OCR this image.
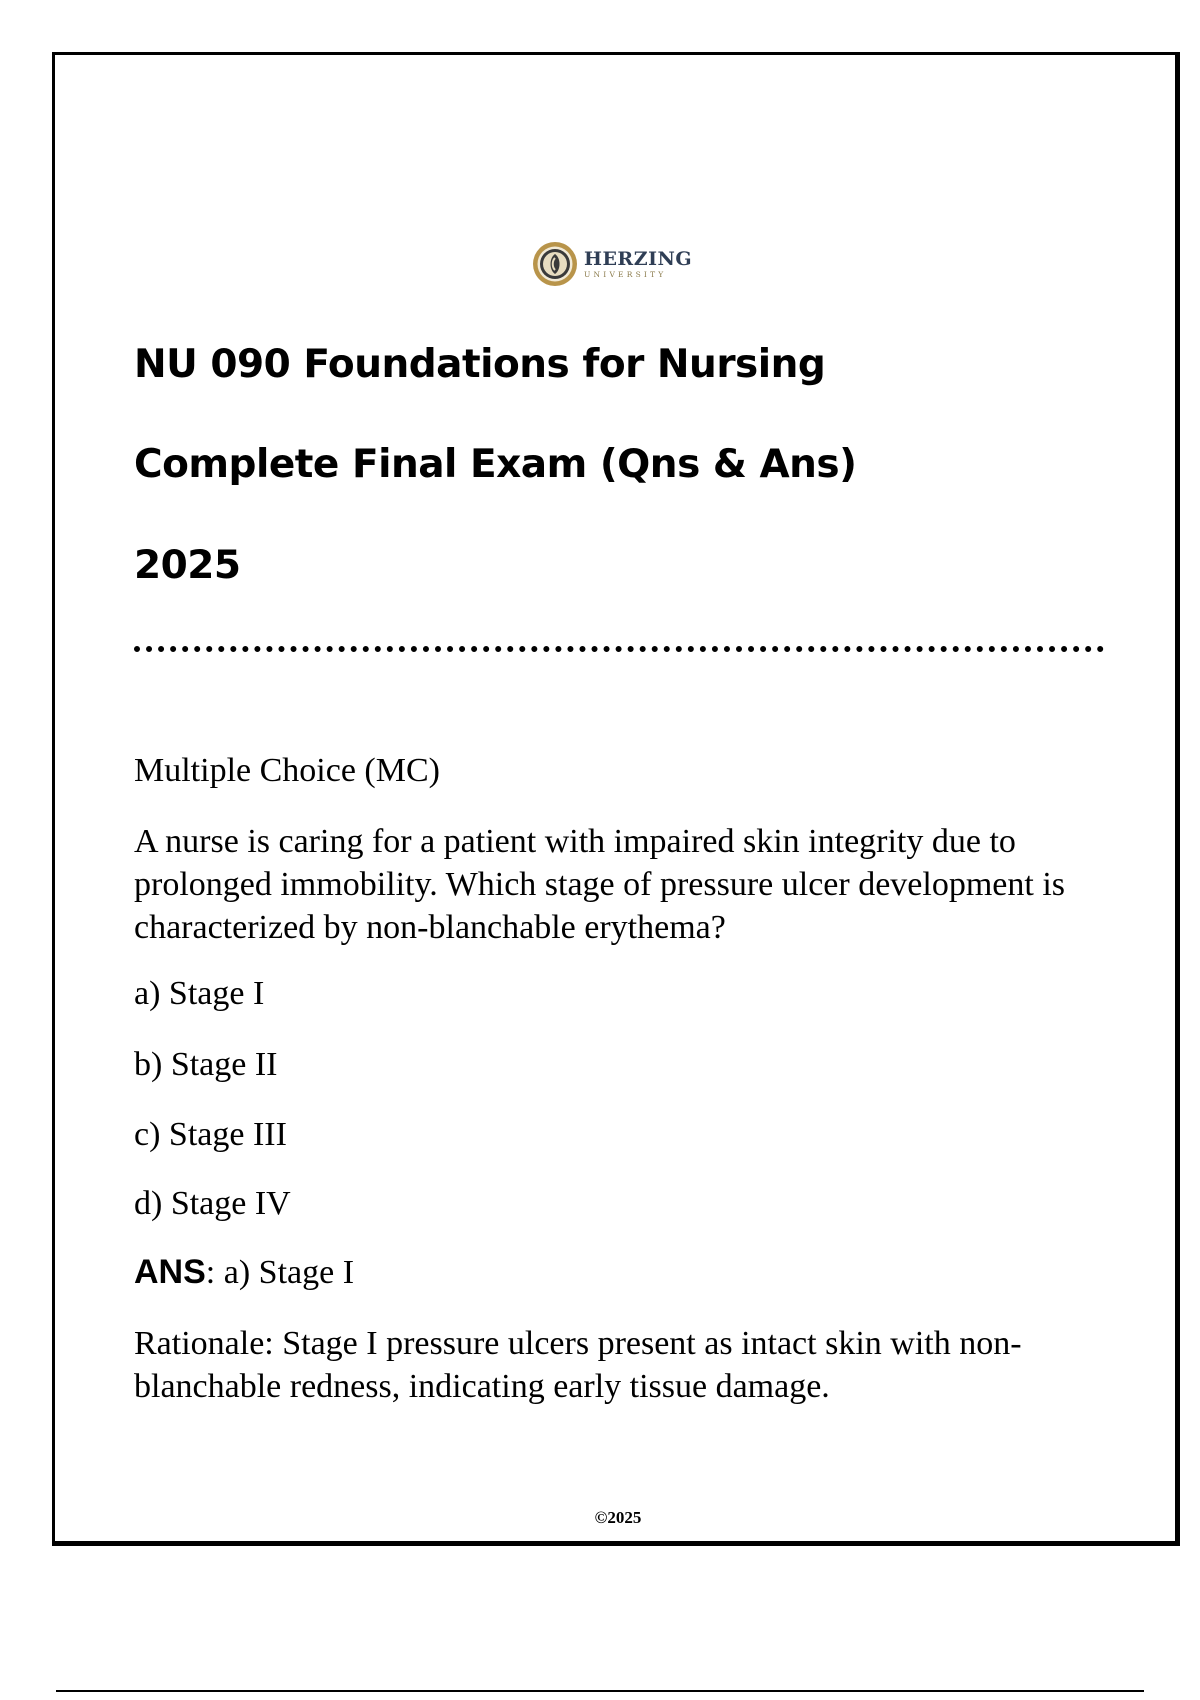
HERZING
UNIVERSITY
NU 090 Foundations for Nursing
Complete Final Exam (Qns & Ans)
2025

Multiple Choice (MC)

A nurse is caring for a patient with impaired skin integrity due to prolonged immobility. Which stage of pressure ulcer development is characterized by non-blanchable erythema?

a) Stage I

b) Stage II

c) Stage III

d) Stage IV

ANS: a) Stage I

Rationale: Stage I pressure ulcers present as intact skin with non-blanchable redness, indicating early tissue damage.

©2025
